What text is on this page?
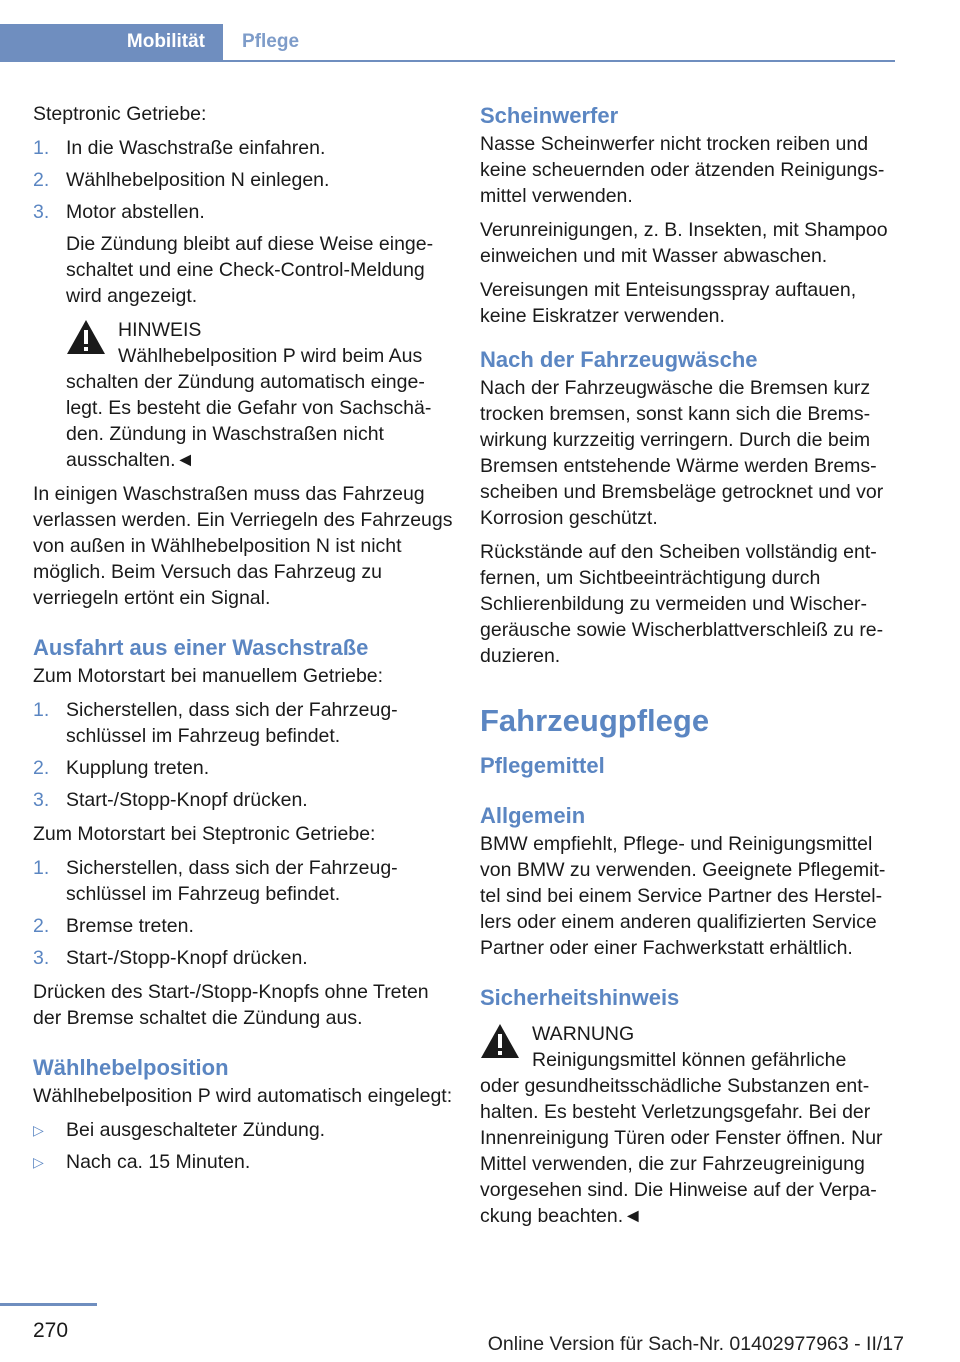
Mobilität	Pflege

Steptronic Getriebe:

1. In die Waschstraße einfahren.
2. Wählhebelposition N einlegen.
3. Motor abstellen.
Die Zündung bleibt auf diese Weise eingeschaltet und eine Check-Control-Meldung wird angezeigt.
HINWEIS
Wählhebelposition P wird beim Aus
schalten der Zündung automatisch eingelegt. Es besteht die Gefahr von Sachschäden. Zündung in Waschstraßen nicht ausschalten.◄

In einigen Waschstraßen muss das Fahrzeug verlassen werden. Ein Verriegeln des Fahrzeugs von außen in Wählhebelposition N ist nicht möglich. Beim Versuch das Fahrzeug zu verriegeln ertönt ein Signal.

Ausfahrt aus einer Waschstraße

Zum Motorstart bei manuellem Getriebe:

1. Sicherstellen, dass sich der Fahrzeugschlüssel im Fahrzeug befindet.
2. Kupplung treten.
3. Start-/Stopp-Knopf drücken.

Zum Motorstart bei Steptronic Getriebe:

1. Sicherstellen, dass sich der Fahrzeugschlüssel im Fahrzeug befindet.
2. Bremse treten.
3. Start-/Stopp-Knopf drücken.

Drücken des Start-/Stopp-Knopfs ohne Treten der Bremse schaltet die Zündung aus.

Wählhebelposition

Wählhebelposition P wird automatisch eingelegt:

▷ Bei ausgeschalteter Zündung.
▷ Nach ca. 15 Minuten.
Scheinwerfer

Nasse Scheinwerfer nicht trocken reiben und keine scheuernden oder ätzenden Reinigungsmittel verwenden.

Verunreinigungen, z. B. Insekten, mit Shampoo einweichen und mit Wasser abwaschen.

Vereisungen mit Enteisungsspray auftauen, keine Eiskratzer verwenden.

Nach der Fahrzeugwäsche

Nach der Fahrzeugwäsche die Bremsen kurz trocken bremsen, sonst kann sich die Bremswirkung kurzzeitig verringern. Durch die beim Bremsen entstehende Wärme werden Bremsscheiben und Bremsbeläge getrocknet und vor Korrosion geschützt.

Rückstände auf den Scheiben vollständig entfernen, um Sichtbeeinträchtigung durch Schlierenbildung zu vermeiden und Wischergeräusche sowie Wischerblattverschleiß zu reduzieren.

Fahrzeugpflege
Pflegemittel
Allgemein

BMW empfiehlt, Pflege- und Reinigungsmittel von BMW zu verwenden. Geeignete Pflegemittel sind bei einem Service Partner des Herstellers oder einem anderen qualifizierten Service Partner oder einer Fachwerkstatt erhältlich.

Sicherheitshinweis
WARNUNG
Reinigungsmittel können gefährliche
oder gesundheitsschädliche Substanzen enthalten. Es besteht Verletzungsgefahr. Bei der Innenreinigung Türen oder Fenster öffnen. Nur Mittel verwenden, die zur Fahrzeugreinigung vorgesehen sind. Die Hinweise auf der Verpackung beachten.◄
270
Online Version für Sach-Nr. 01402977963 - II/17
